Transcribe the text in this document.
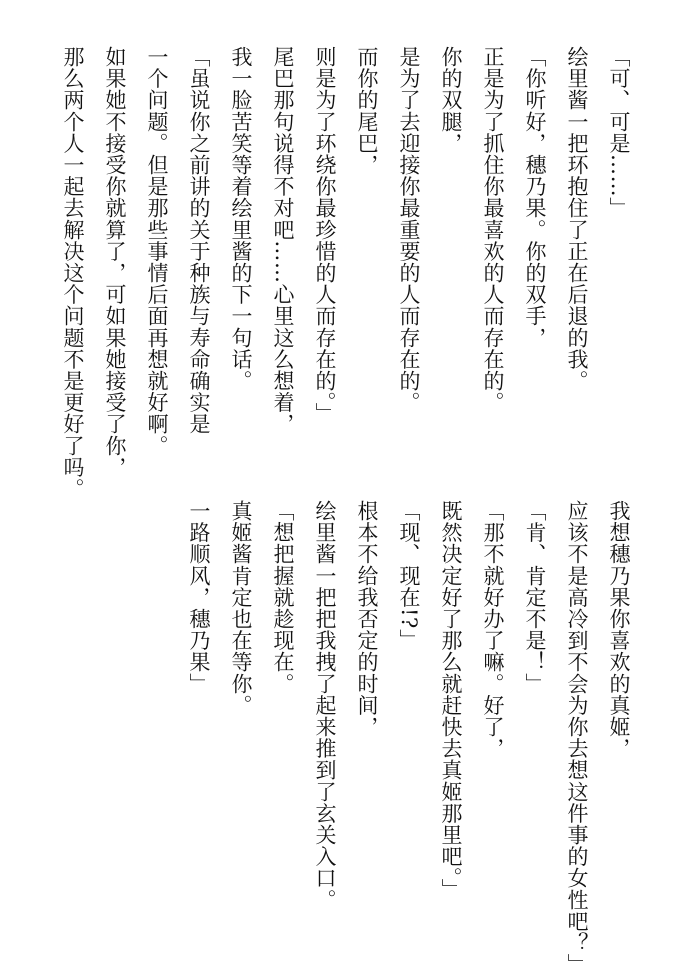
「可、可是……」
绘里酱一把环抱住了正在后退的我。
「你听好，穗乃果。你的双手，
正是为了抓住你最喜欢的人而存在的。
你的双腿，
是为了去迎接你最重要的人而存在的。
而你的尾巴，
则是为了环绕你最珍惜的人而存在的。」
尾巴那句说得不对吧……心里这么想着，
我一脸苦笑等着绘里酱的下一句话。
「虽说你之前讲的关于种族与寿命确实是
一个问题。但是那些事情后面再想就好啊。
如果她不接受你就算了，可如果她接受了你，
那么两个人一起去解决这个问题不是更好了吗。
我想穗乃果你喜欢的真姬，
应该不是高冷到不会为你去想这件事的女性吧？」
「肯、肯定不是！」
「那不就好办了嘛。好了，
既然决定好了那么就赶快去真姬那里吧。」
「现、现在!?」
根本不给我否定的时间，
绘里酱一把把我拽了起来推到了玄关入口。
「想把握就趁现在。
真姬酱肯定也在等你。
一路顺风，穗乃果」
